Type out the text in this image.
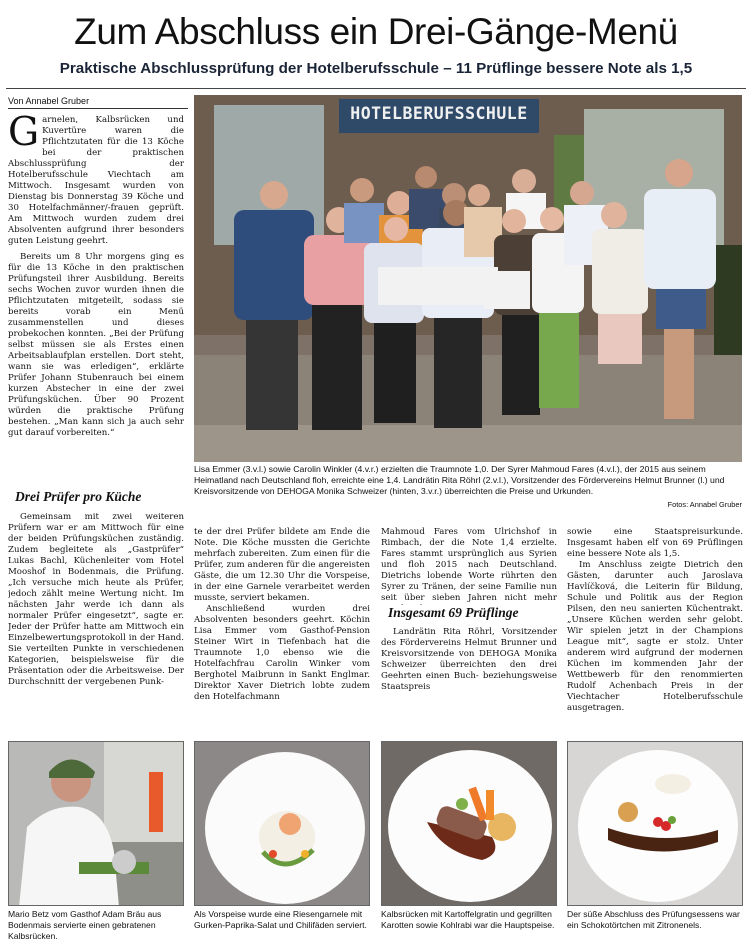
Zum Abschluss ein Drei-Gänge-Menü
Praktische Abschlussprüfung der Hotelberufsschule – 11 Prüflinge bessere Note als 1,5
Von Annabel Gruber

Garnelen, Kalbsrücken und Kuvertüre waren die Pflichtzutaten für die 13 Köche bei der praktischen Abschlussprüfung der Hotelberufsschule Viechtach am Mittwoch. Insgesamt wurden von Dienstag bis Donnerstag 39 Köche und 30 Hotelfachmänner/-frauen geprüft. Am Mittwoch wurden zudem drei Absolventen aufgrund ihrer besonders guten Leistung geehrt.

Bereits um 8 Uhr morgens ging es für die 13 Köche in den praktischen Prüfungsteil ihrer Ausbildung. Bereits sechs Wochen zuvor wurden ihnen die Pflichtzutaten mitgeteilt, sodass sie bereits vorab ein Menü zusammenstellen und dieses probekochen konnten. „Bei der Prüfung selbst müssen sie als Erstes einen Arbeitsablaufplan erstellen. Dort steht, wann sie was erledigen“, erklärte Prüfer Johann Stubenrauch bei einem kurzen Abstecher in eine der zwei Prüfungsküchen. Über 90 Prozent würden die praktische Prüfung bestehen. „Man kann sich ja auch sehr gut darauf vorbereiten.“

Drei Prüfer pro Küche

Gemeinsam mit zwei weiteren Prüfern war er am Mittwoch für eine der beiden Prüfungsküchen zuständig. Zudem begleitete als „Gastprüfer“ Lukas Bachl, Küchenleiter vom Hotel Mooshof in Bodenmais, die Prüfung. „Ich versuche mich heute als Prüfer, jedoch zählt meine Wertung nicht. Im nächsten Jahr werde ich dann als normaler Prüfer eingesetzt“, sagte er. Jeder der Prüfer hatte am Mittwoch ein Einzelbewertungsprotokoll in der Hand. Sie verteilten Punkte in verschiedenen Kategorien, beispielsweise für die Präsentation oder die Arbeitsweise. Der Durchschnitt der vergebenen Punk-

HOTELBERUFSSCHULE
Lisa Emmer (3.v.l.) sowie Carolin Winkler (4.v.r.) erzielten die Traumnote 1,0. Der Syrer Mahmoud Fares (4.v.l.), der 2015 aus seinem Heimatland nach Deutschland floh, erreichte eine 1,4. Landrätin Rita Röhrl (2.v.l.), Vorsitzender des Fördervereins Helmut Brunner (l.) und Kreisvorsitzende von DEHOGA Monika Schweizer (hinten, 3.v.r.) überreichten die Preise und Urkunden.
Fotos: Annabel Gruber

te der drei Prüfer bildete am Ende die Note. Die Köche mussten die Gerichte mehrfach zubereiten. Zum einen für die Prüfer, zum anderen für die angereisten Gäste, die um 12.30 Uhr die Vorspeise, in der eine Garnele verarbeitet werden musste, serviert bekamen.

Anschließend wurden drei Absolventen besonders geehrt. Köchin Lisa Emmer vom Gasthof-Pension Steiner Wirt in Tiefenbach hat die Traumnote 1,0 ebenso wie die Hotelfachfrau Carolin Winker vom Berghotel Maibrunn in Sankt Englmar. Direktor Xaver Dietrich lobte zudem den Hotelfachmann

Mahmoud Fares vom Ulrichshof in Rimbach, der die Note 1,4 erzielte. Fares stammt ursprünglich aus Syrien und floh 2015 nach Deutschland. Dietrichs lobende Worte rührten den Syrer zu Tränen, der seine Familie nun seit über sieben Jahren nicht mehr

Insgesamt 69 Prüflinge

Landrätin Rita Röhrl, Vorsitzender des Fördervereins Helmut Brunner und Kreisvorsitzende von DEHOGA Monika Schweizer überreichten den drei Geehrten einen Buch- beziehungsweise Staatspreis

sowie eine Staatspreisurkunde. Insgesamt haben elf von 69 Prüflingen eine bessere Note als 1,5.

Im Anschluss zeigte Dietrich den Gästen, darunter auch Jaroslava Havlíčková, die Leiterin für Bildung, Schule und Politik aus der Region Pilsen, den neu sanierten Küchentrakt. „Unsere Küchen werden sehr gelobt. Wir spielen jetzt in der Champions League mit“, sagte er stolz. Unter anderem wird aufgrund der modernen Küchen im kommenden Jahr der Wettbewerb für den renommierten Rudolf Achenbach Preis in der Viechtacher Hotelberufsschule ausgetragen.

Mario Betz vom Gasthof Adam Bräu aus Bodenmais servierte einen gebratenen Kalbsrücken.
Als Vorspeise wurde eine Riesengarnele mit Gurken-Paprika-Salat und Chilifäden serviert.
Kalbsrücken mit Kartoffelgratin und gegrillten Karotten sowie Kohlrabi war die Hauptspeise.
Der süße Abschluss des Prüfungsessens war ein Schokotörtchen mit Zitronenels.
